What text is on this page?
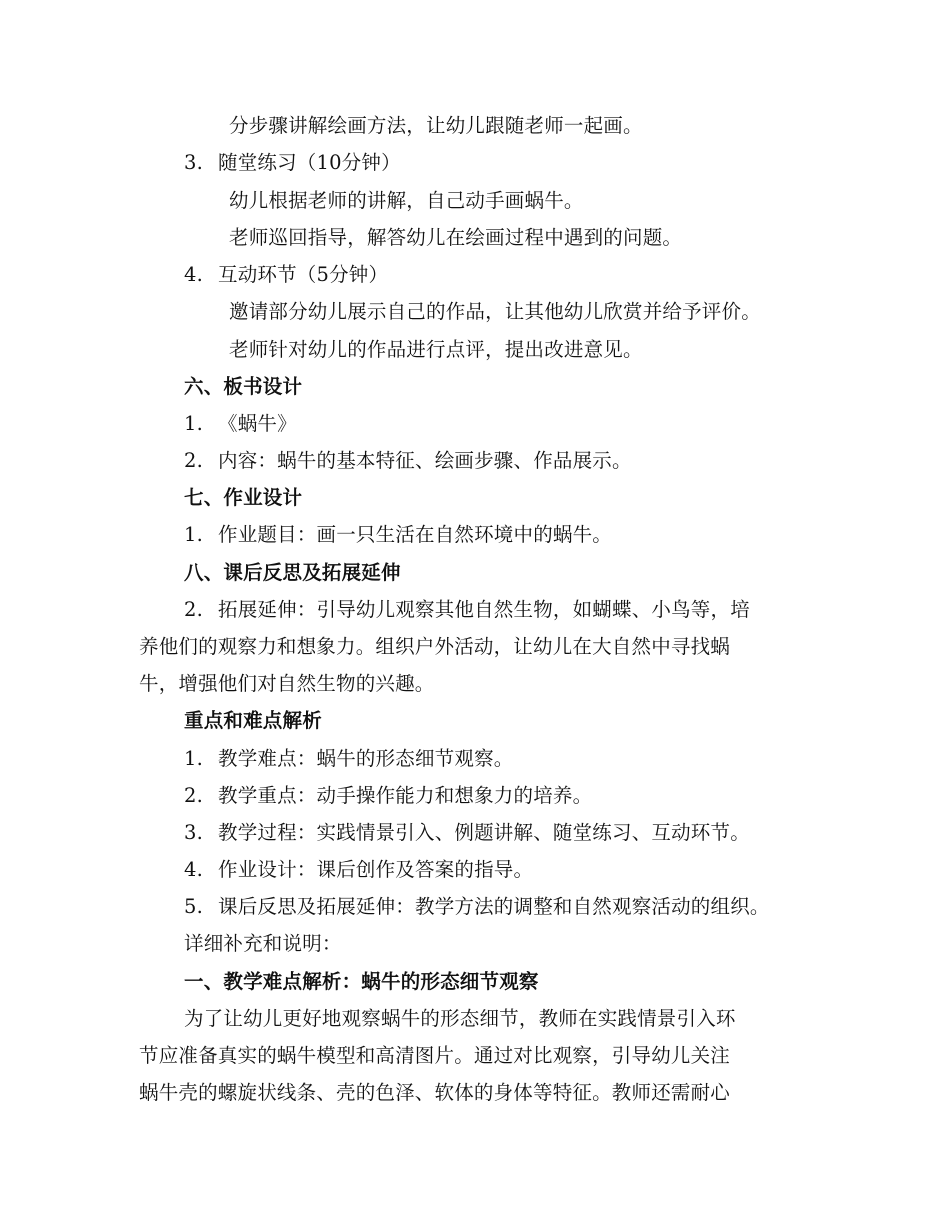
分步骤讲解绘画方法，让幼儿跟随老师一起画。
3. 随堂练习（10分钟）
幼儿根据老师的讲解，自己动手画蜗牛。
老师巡回指导，解答幼儿在绘画过程中遇到的问题。
4. 互动环节（5分钟）
邀请部分幼儿展示自己的作品，让其他幼儿欣赏并给予评价。
老师针对幼儿的作品进行点评，提出改进意见。
六、板书设计
1. 《蜗牛》
2. 内容：蜗牛的基本特征、绘画步骤、作品展示。
七、作业设计
1. 作业题目：画一只生活在自然环境中的蜗牛。
八、课后反思及拓展延伸
2. 拓展延伸：引导幼儿观察其他自然生物，如蝴蝶、小鸟等，培
养他们的观察力和想象力。组织户外活动，让幼儿在大自然中寻找蜗
牛，增强他们对自然生物的兴趣。
重点和难点解析
1. 教学难点：蜗牛的形态细节观察。
2. 教学重点：动手操作能力和想象力的培养。
3. 教学过程：实践情景引入、例题讲解、随堂练习、互动环节。
4. 作业设计：课后创作及答案的指导。
5. 课后反思及拓展延伸：教学方法的调整和自然观察活动的组织。
详细补充和说明：
一、教学难点解析：蜗牛的形态细节观察
为了让幼儿更好地观察蜗牛的形态细节，教师在实践情景引入环
节应准备真实的蜗牛模型和高清图片。通过对比观察，引导幼儿关注
蜗牛壳的螺旋状线条、壳的色泽、软体的身体等特征。教师还需耐心
